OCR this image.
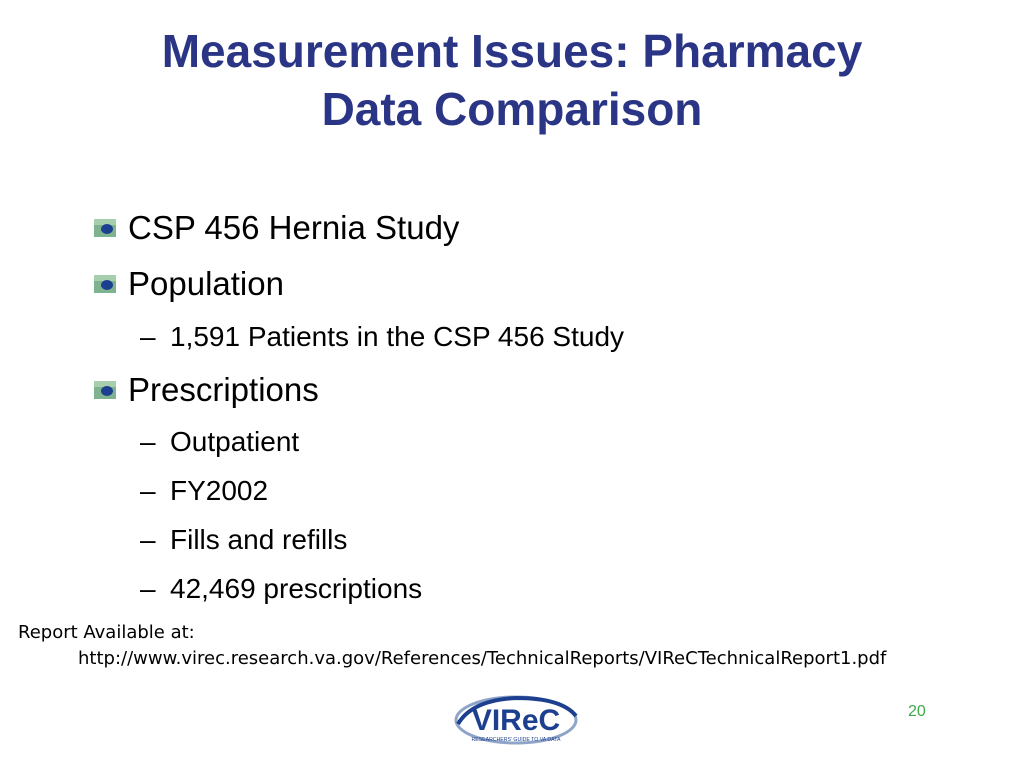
Measurement Issues: Pharmacy
Data Comparison
CSP 456 Hernia Study
Population
– 1,591 Patients in the CSP 456 Study
Prescriptions
– Outpatient
– FY2002
– Fills and refills
– 42,469 prescriptions
Report Available at:
http://www.virec.research.va.gov/References/TechnicalReports/VIReCTechnicalReport1.pdf
VIReC
RESEARCHERS' GUIDE TO VA DATA
20
